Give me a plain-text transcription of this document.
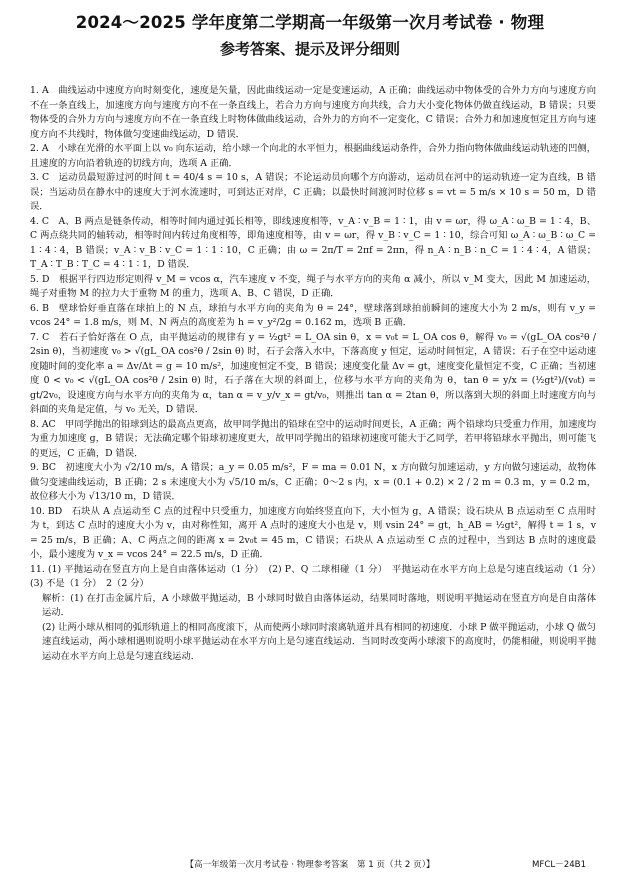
2024～2025 学年度第二学期高一年级第一次月考试卷 · 物理
参考答案、提示及评分细则

1. A　曲线运动中速度方向时刻变化，速度是矢量，因此曲线运动一定是变速运动，A 正确；曲线运动中物体受的合外力方向与速度方向不在一条直线上，加速度方向与速度方向不在一条直线上，若合力方向与速度方向共线，合力大小变化物体仍做直线运动，B 错误；只要物体受的合外力方向与速度方向不在一条直线上时物体做曲线运动，合外力的方向不一定变化，C 错误；合外力和加速度恒定且方向与速度方向不共线时，物体做匀变速曲线运动，D 错误．

2. A　小球在光滑的水平面上以 v₀ 向东运动，给小球一个向北的水平恒力，根据曲线运动条件，合外力指向物体做曲线运动轨迹的凹侧，且速度的方向沿着轨迹的切线方向，选项 A 正确．

3. C　运动员最短游过河的时间 t = 40/4 s = 10 s，A 错误；不论运动员向哪个方向游动，运动员在河中的运动轨迹一定为直线，B 错误；当运动员在静水中的速度大于河水流速时，可到达正对岸，C 正确；以最快时间渡河时位移 s = vt = 5 m/s × 10 s = 50 m，D 错误．

4. C　A、B 两点是链条传动，相等时间内通过弧长相等，即线速度相等，v_A ∶ v_B = 1 ∶ 1，由 v = ωr，得 ω_A ∶ ω_B = 1 ∶ 4，B、C 两点绕共同的轴转动，相等时间内转过角度相等，即角速度相等，由 v = ωr，得 v_B ∶ v_C = 1 ∶ 10，综合可知 ω_A ∶ ω_B ∶ ω_C = 1 ∶ 4 ∶ 4，B 错误；v_A ∶ v_B ∶ v_C = 1 ∶ 1 ∶ 10，C 正确；由 ω = 2π/T = 2πf = 2πn，得 n_A ∶ n_B ∶ n_C = 1 ∶ 4 ∶ 4，A 错误；T_A ∶ T_B ∶ T_C = 4 ∶ 1 ∶ 1，D 错误．

5. D　根据平行四边形定则得 v_M = vcos α，汽车速度 v 不变，绳子与水平方向的夹角 α 减小，所以 v_M 变大，因此 M 加速运动，绳子对重物 M 的拉力大于重物 M 的重力，选项 A、B、C 错误，D 正确．

6. B　壁球恰好垂直落在球拍上的 N 点，球拍与水平方向的夹角为 θ = 24°，壁球落到球拍前瞬间的速度大小为 2 m/s，则有 v_y = vcos 24° = 1.8 m/s，则 M、N 两点的高度差为 h = v_y²/2g = 0.162 m，选项 B 正确．

7. C　若石子恰好落在 O 点，由平抛运动的规律有 y = ½gt² = L_OA sin θ，x = v₀t = L_OA cos θ，解得 v₀ = √(gL_OA cos²θ / 2sin θ)，当初速度 v₀ > √(gL_OA cos²θ / 2sin θ) 时，石子会落入水中，下落高度 y 恒定，运动时间恒定，A 错误；石子在空中运动速度随时间的变化率 a = Δv/Δt = g = 10 m/s²，加速度恒定不变，B 错误；速度变化量 Δv = gt，速度变化量恒定不变，C 正确；当初速度 0 < v₀ < √(gL_OA cos²θ / 2sin θ) 时，石子落在大坝的斜面上，位移与水平方向的夹角为 θ，tan θ = y/x = (½gt²)/(v₀t) = gt/2v₀，设速度方向与水平方向的夹角为 α，tan α = v_y/v_x = gt/v₀，则推出 tan α = 2tan θ，所以落到大坝的斜面上时速度方向与斜面的夹角是定值，与 v₀ 无关，D 错误．

8. AC　甲同学抛出的铅球到达的最高点更高，故甲同学抛出的铅球在空中的运动时间更长，A 正确；两个铅球均只受重力作用，加速度均为重力加速度 g，B 错误；无法确定哪个铅球初速度更大，故甲同学抛出的铅球初速度可能大于乙同学，若甲将铅球水平抛出，则可能飞的更远，C 正确，D 错误．

9. BC　初速度大小为 √2/10 m/s，A 错误；a_y = 0.05 m/s²，F = ma = 0.01 N，x 方向做匀加速运动，y 方向做匀速运动，故物体做匀变速曲线运动，B 正确；2 s 末速度大小为 √5/10 m/s，C 正确；0～2 s 内，x = (0.1 + 0.2) × 2 / 2 m = 0.3 m，y = 0.2 m，故位移大小为 √13/10 m，D 错误．

10. BD　石块从 A 点运动至 C 点的过程中只受重力，加速度方向始终竖直向下，大小恒为 g，A 错误；设石块从 B 点运动至 C 点用时为 t，到达 C 点时的速度大小为 v，由对称性知，离开 A 点时的速度大小也是 v，则 vsin 24° = gt，h_AB = ½gt²，解得 t = 1 s，v = 25 m/s，B 正确；A、C 两点之间的距离 x = 2v₀t = 45 m，C 错误；石块从 A 点运动至 C 点的过程中，当到达 B 点时的速度最小，最小速度为 v_x = vcos 24° = 22.5 m/s，D 正确．

11. (1) 平抛运动在竖直方向上是自由落体运动（1 分）　(2) P、Q 二球相碰（1 分）　平抛运动在水平方向上总是匀速直线运动（1 分）　(3) 不是（1 分）　2（2 分）

解析：(1) 在打击金属片后，A 小球做平抛运动，B 小球同时做自由落体运动，结果同时落地，则说明平抛运动在竖直方向是自由落体运动．

(2) 让两小球从相同的弧形轨道上的相同高度滚下，从而使两小球同时滚离轨道并具有相同的初速度．小球 P 做平抛运动，小球 Q 做匀速直线运动，两小球相遇则说明小球平抛运动在水平方向上是匀速直线运动．当同时改变两小球滚下的高度时，仍能相碰，则说明平抛运动在水平方向上总是匀速直线运动．

【高一年级第一次月考试卷 · 物理参考答案　第 1 页（共 2 页）】	MFCL－24B1
